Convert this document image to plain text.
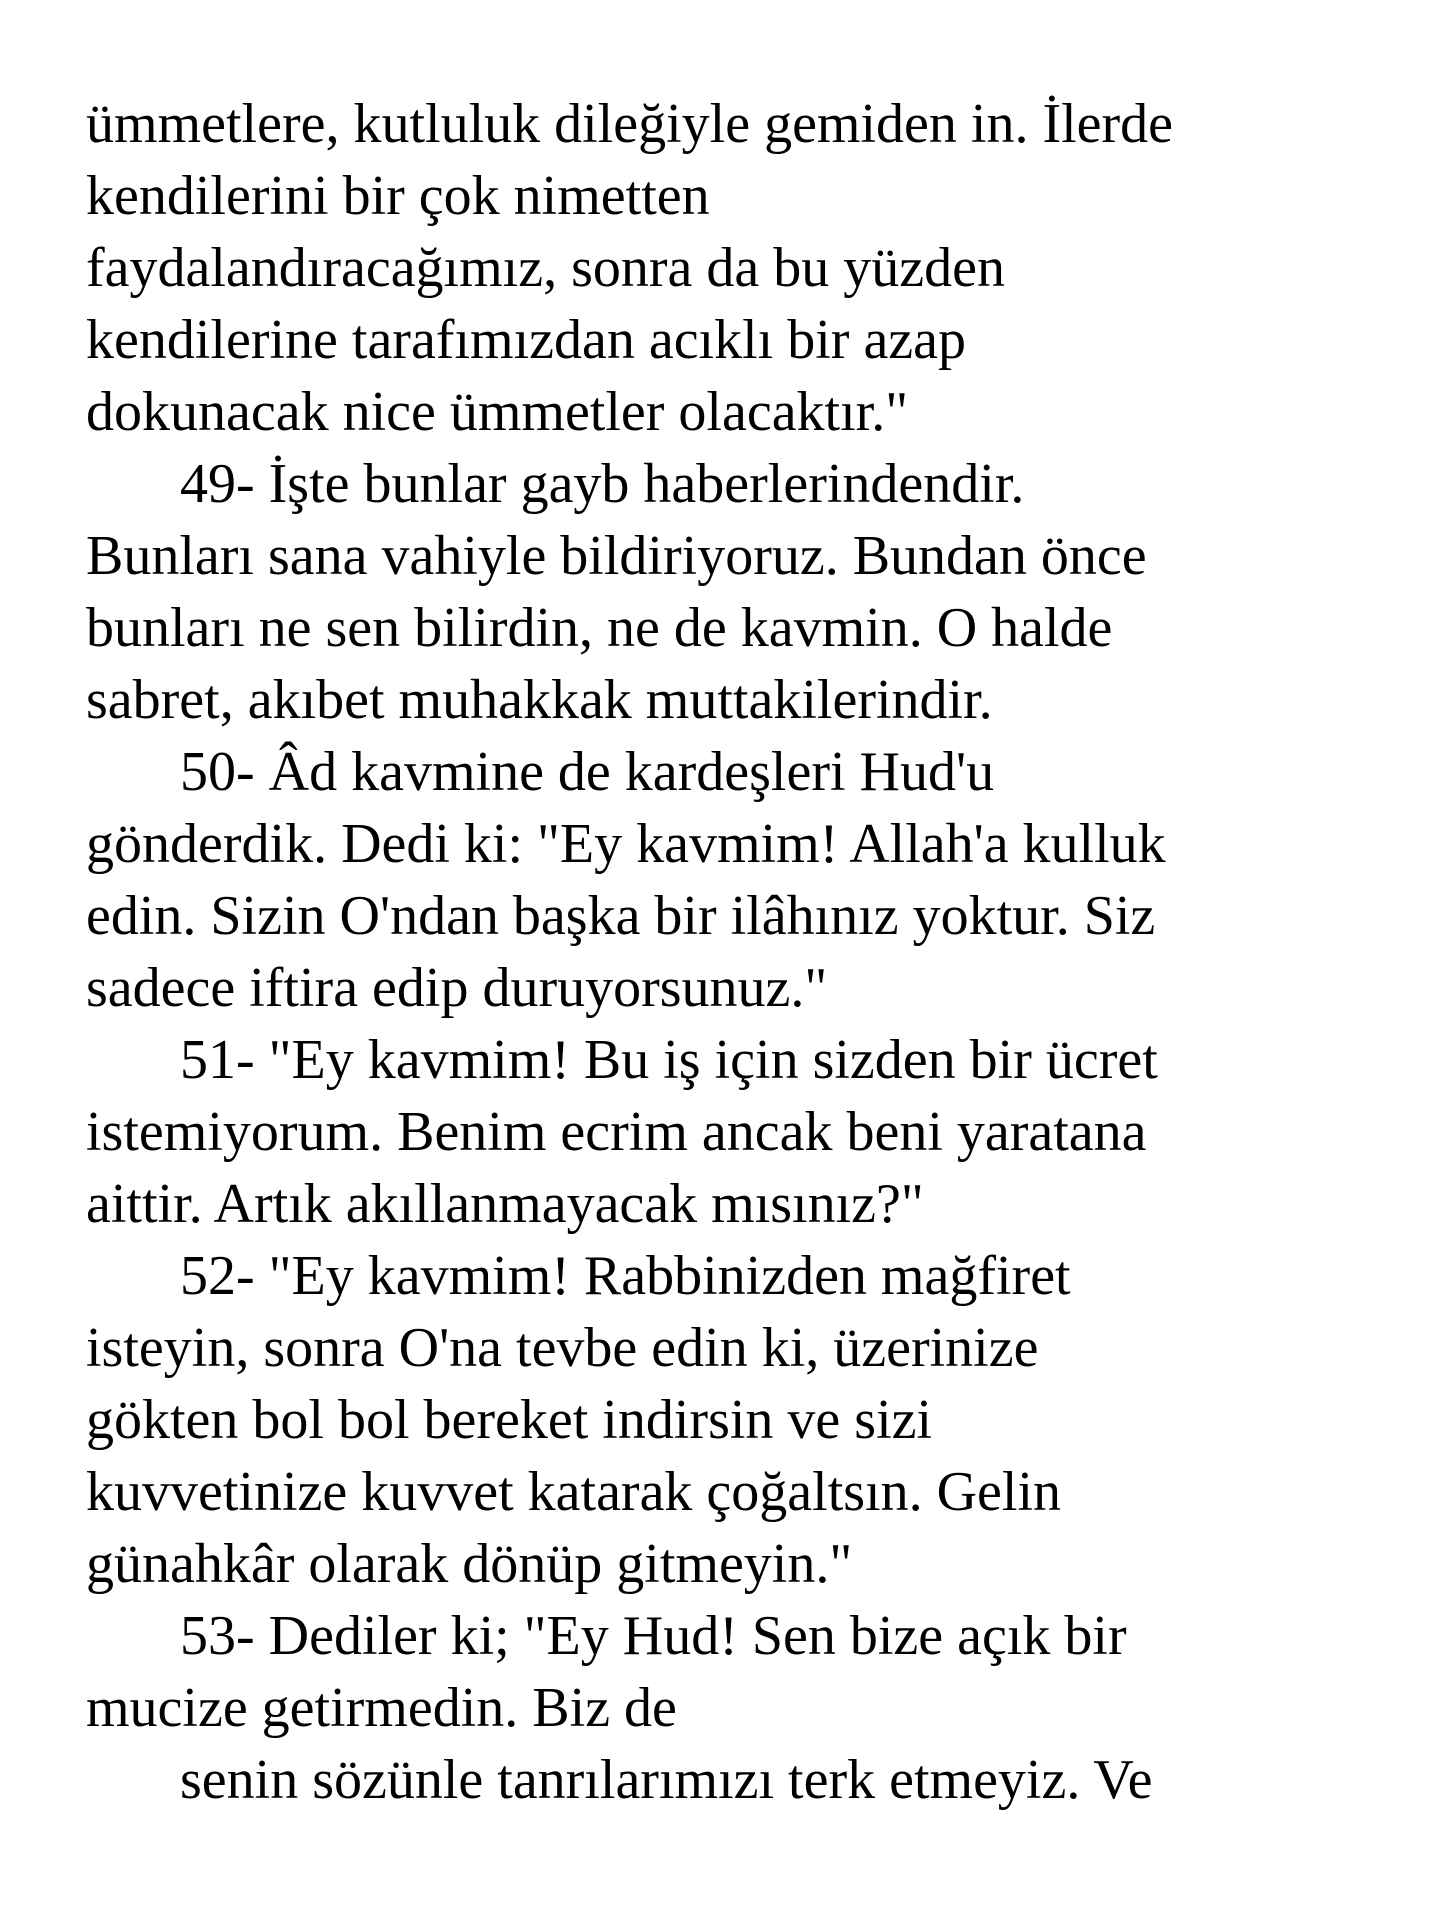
ümmetlere, kutluluk dileğiyle gemiden in. İlerde
kendilerini bir çok nimetten
faydalandıracağımız, sonra da bu yüzden
kendilerine tarafımızdan acıklı bir azap
dokunacak nice ümmetler olacaktır."
49- İşte bunlar gayb haberlerindendir.
Bunları sana vahiyle bildiriyoruz. Bundan önce
bunları ne sen bilirdin, ne de kavmin. O halde
sabret, akıbet muhakkak muttakilerindir.
50- Âd kavmine de kardeşleri Hud'u
gönderdik. Dedi ki: "Ey kavmim! Allah'a kulluk
edin. Sizin O'ndan başka bir ilâhınız yoktur. Siz
sadece iftira edip duruyorsunuz."
51- "Ey kavmim! Bu iş için sizden bir ücret
istemiyorum. Benim ecrim ancak beni yaratana
aittir. Artık akıllanmayacak mısınız?"
52- "Ey kavmim! Rabbinizden mağfiret
isteyin, sonra O'na tevbe edin ki, üzerinize
gökten bol bol bereket indirsin ve sizi
kuvvetinize kuvvet katarak çoğaltsın. Gelin
günahkâr olarak dönüp gitmeyin."
53- Dediler ki; "Ey Hud! Sen bize açık bir
mucize getirmedin. Biz de
senin sözünle tanrılarımızı terk etmeyiz. Ve
